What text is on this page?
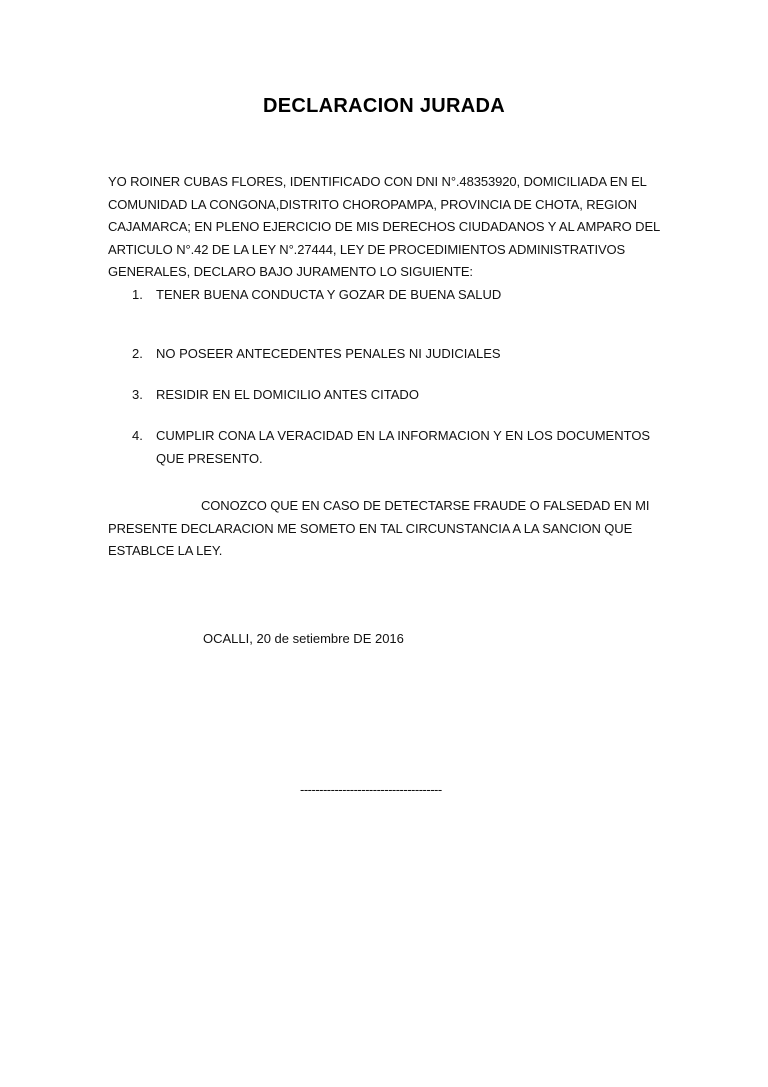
DECLARACION JURADA
YO ROINER CUBAS FLORES, IDENTIFICADO CON DNI N°.48353920, DOMICILIADA EN EL
COMUNIDAD LA CONGONA,DISTRITO CHOROPAMPA, PROVINCIA DE CHOTA, REGION
CAJAMARCA; EN PLENO EJERCICIO DE MIS DERECHOS CIUDADANOS Y AL AMPARO DEL
ARTICULO N°.42 DE LA LEY N°.27444, LEY DE PROCEDIMIENTOS ADMINISTRATIVOS
GENERALES, DECLARO BAJO JURAMENTO LO SIGUIENTE:
1. TENER BUENA CONDUCTA Y GOZAR DE BUENA SALUD
2. NO POSEER ANTECEDENTES PENALES NI JUDICIALES
3. RESIDIR EN EL DOMICILIO ANTES CITADO
4. CUMPLIR CONA LA VERACIDAD EN LA INFORMACION Y EN LOS DOCUMENTOS
QUE PRESENTO.
CONOZCO QUE EN CASO DE DETECTARSE FRAUDE O FALSEDAD EN MI
PRESENTE DECLARACION ME SOMETO EN TAL CIRCUNSTANCIA A LA SANCION QUE
ESTABLCE LA LEY.
OCALLI, 20 de setiembre DE 2016
-------------------------------------
